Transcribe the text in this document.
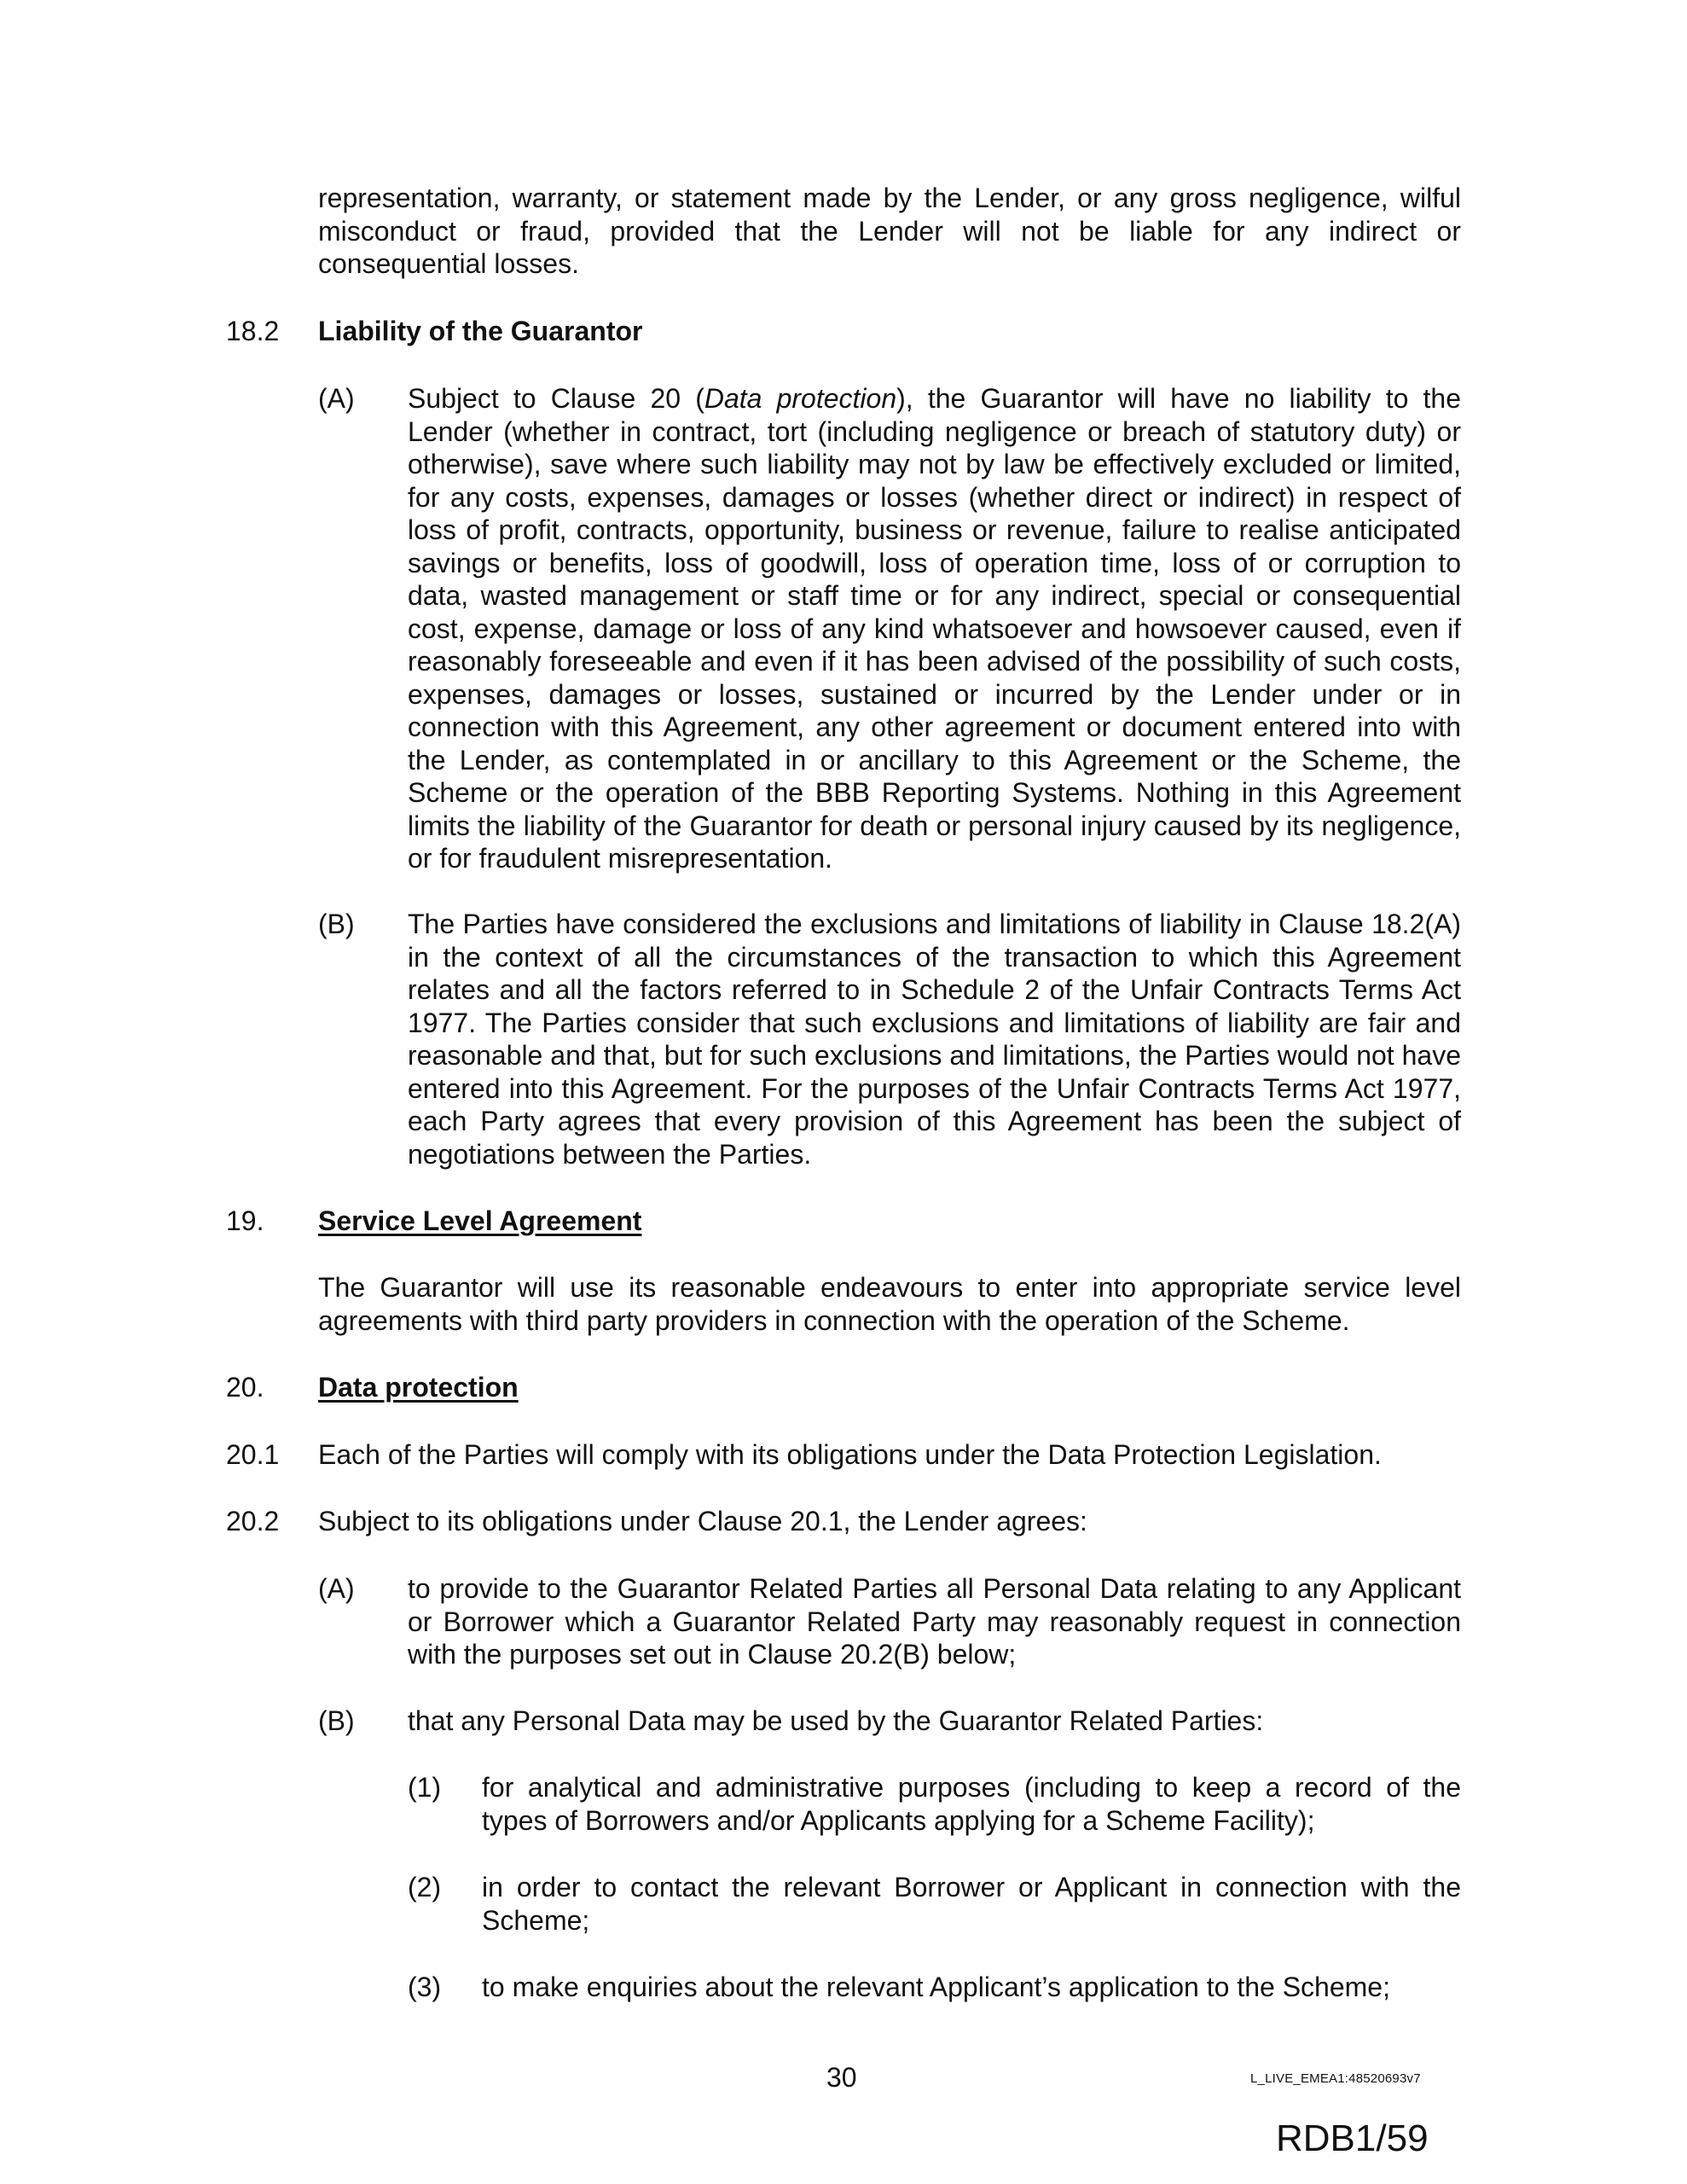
representation, warranty, or statement made by the Lender, or any gross negligence, wilful misconduct or fraud, provided that the Lender will not be liable for any indirect or consequential losses.
18.2 Liability of the Guarantor
(A) Subject to Clause 20 (Data protection), the Guarantor will have no liability to the Lender (whether in contract, tort (including negligence or breach of statutory duty) or otherwise), save where such liability may not by law be effectively excluded or limited, for any costs, expenses, damages or losses (whether direct or indirect) in respect of loss of profit, contracts, opportunity, business or revenue, failure to realise anticipated savings or benefits, loss of goodwill, loss of operation time, loss of or corruption to data, wasted management or staff time or for any indirect, special or consequential cost, expense, damage or loss of any kind whatsoever and howsoever caused, even if reasonably foreseeable and even if it has been advised of the possibility of such costs, expenses, damages or losses, sustained or incurred by the Lender under or in connection with this Agreement, any other agreement or document entered into with the Lender, as contemplated in or ancillary to this Agreement or the Scheme, the Scheme or the operation of the BBB Reporting Systems. Nothing in this Agreement limits the liability of the Guarantor for death or personal injury caused by its negligence, or for fraudulent misrepresentation.
(B) The Parties have considered the exclusions and limitations of liability in Clause 18.2(A) in the context of all the circumstances of the transaction to which this Agreement relates and all the factors referred to in Schedule 2 of the Unfair Contracts Terms Act 1977. The Parties consider that such exclusions and limitations of liability are fair and reasonable and that, but for such exclusions and limitations, the Parties would not have entered into this Agreement. For the purposes of the Unfair Contracts Terms Act 1977, each Party agrees that every provision of this Agreement has been the subject of negotiations between the Parties.
19. Service Level Agreement
The Guarantor will use its reasonable endeavours to enter into appropriate service level agreements with third party providers in connection with the operation of the Scheme.
20. Data protection
20.1 Each of the Parties will comply with its obligations under the Data Protection Legislation.
20.2 Subject to its obligations under Clause 20.1, the Lender agrees:
(A) to provide to the Guarantor Related Parties all Personal Data relating to any Applicant or Borrower which a Guarantor Related Party may reasonably request in connection with the purposes set out in Clause 20.2(B) below;
(B) that any Personal Data may be used by the Guarantor Related Parties:
(1) for analytical and administrative purposes (including to keep a record of the types of Borrowers and/or Applicants applying for a Scheme Facility);
(2) in order to contact the relevant Borrower or Applicant in connection with the Scheme;
(3) to make enquiries about the relevant Applicant’s application to the Scheme;
30	L_LIVE_EMEA1:48520693v7
RDB1/59
